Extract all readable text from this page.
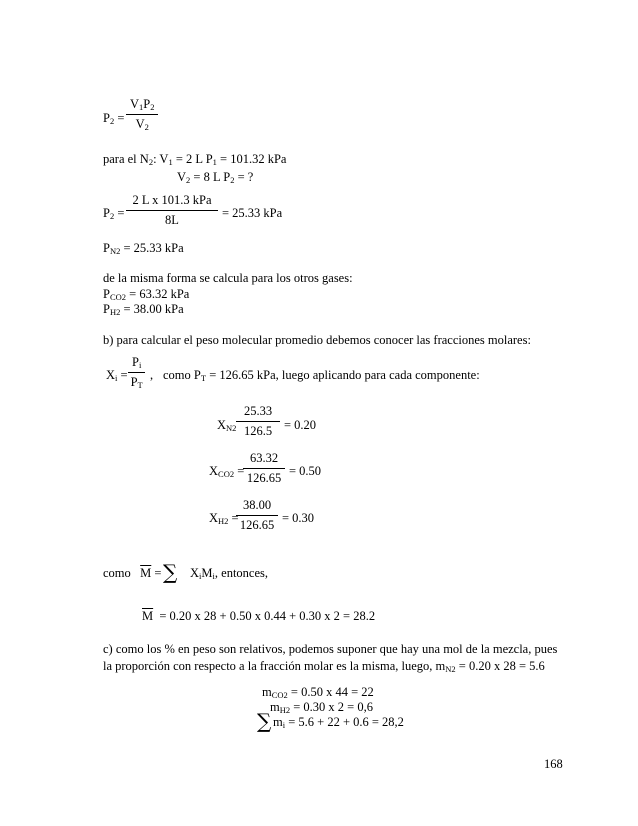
$P_2 = \frac{V_1P_2}{V_2}$
para el $N_2$: $V_1 = 2$ L $P_1 = 101.32$ kPa
$V_2 = 8$ L $P_2$ = ?
$P_2$ =
2 L x 101.3 kPa
8L	= 25.33 kPa
$P_{N2} = 25.33$ kPa
de la misma forma se calcula para los otros gases:
$P_{CO2} = 63.32$ kPa
$P_{H2} = 38.00$ kPa
b) para calcular el peso molecular promedio debemos conocer las fracciones molares:
$X_i = \frac{P_i}{P_T}$ , como $P_T = 126.65$ kPa, luego aplicando para cada componente:
$X_{N2} \frac{25.33}{126.5} = 0.20$
$X_{CO2}$ =
$\frac{63.32}{126.65} = 0.50$
$X_{H2}$ =
$\frac{38.00}{126.65} = 0.30$
como $\overline{M}$ = ∑ $X_iM_i$, entonces,
$\overline{M} = 0.20$ x 28 + 0.50 x 0.44 + 0.30 x 2 = 28.2
c) como los % en peso son relativos, podemos suponer que hay una mol de la mezcla, pues
la proporción con respecto a la fracción molar es la misma, luego, $m_{N2} = 0.20$ x 28 = 5.6
$m_{CO2} = 0.50$ x 44 = 22
$m_{H2} = 0.30$ x 2 = 0,6
∑ $m_i = 5.6 + 22 + 0.6 = 28,2$
168
